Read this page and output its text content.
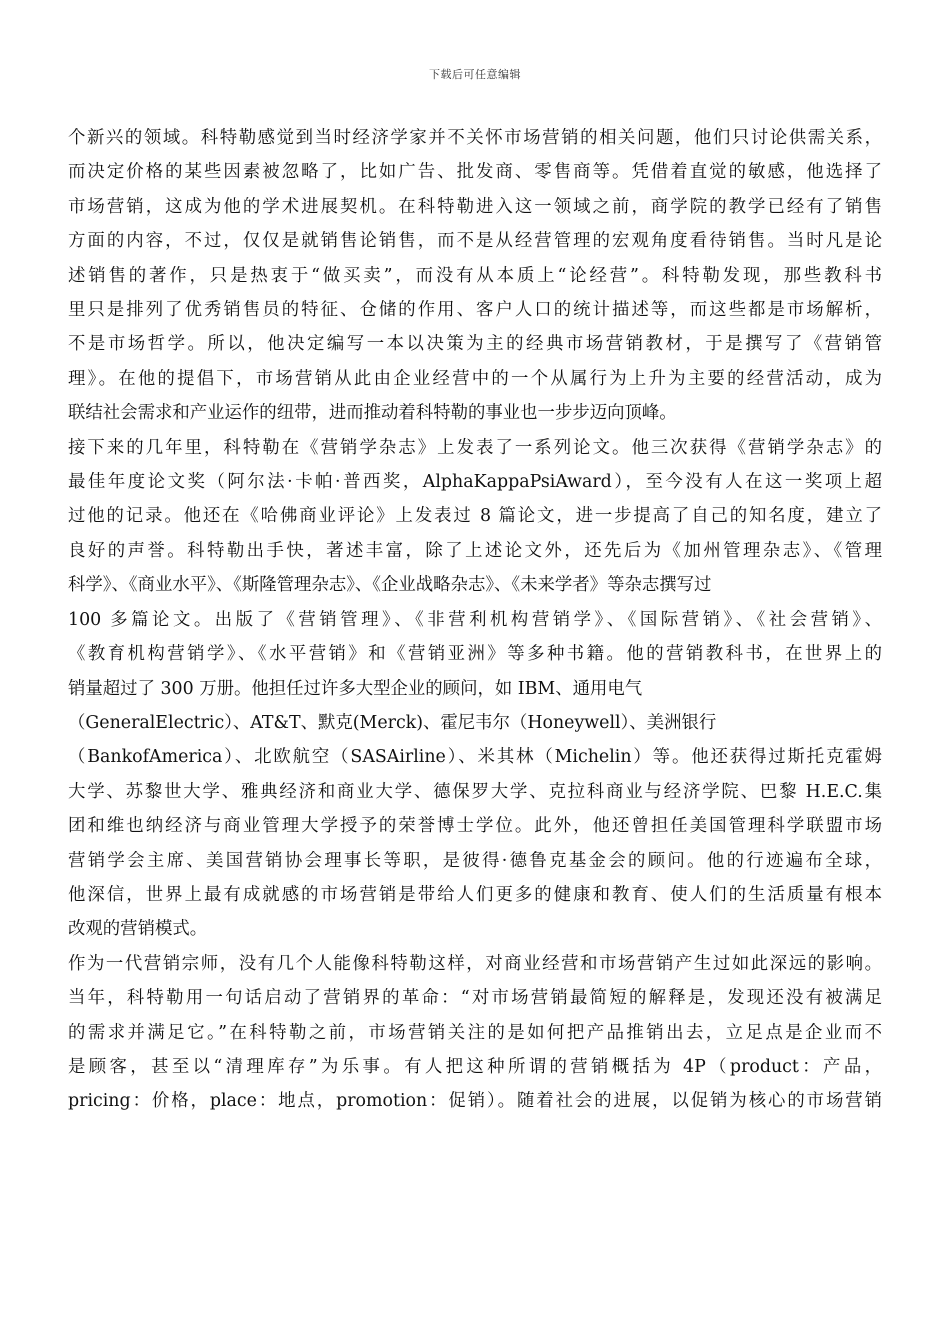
下载后可任意编辑
个新兴的领域。科特勒感觉到当时经济学家并不关怀市场营销的相关问题，他们只讨论供需关系，
而决定价格的某些因素被忽略了，比如广告、批发商、零售商等。凭借着直觉的敏感，他选择了
市场营销，这成为他的学术进展契机。在科特勒进入这一领域之前，商学院的教学已经有了销售
方面的内容，不过，仅仅是就销售论销售，而不是从经营管理的宏观角度看待销售。当时凡是论
述销售的著作，只是热衷于“做买卖”，而没有从本质上“论经营”。科特勒发现，那些教科书
里只是排列了优秀销售员的特征、仓储的作用、客户人口的统计描述等，而这些都是市场解析，
不是市场哲学。所以，他决定编写一本以决策为主的经典市场营销教材，于是撰写了《营销管
理》。在他的提倡下，市场营销从此由企业经营中的一个从属行为上升为主要的经营活动，成为
联结社会需求和产业运作的纽带，进而推动着科特勒的事业也一步步迈向顶峰。
接下来的几年里，科特勒在《营销学杂志》上发表了一系列论文。他三次获得《营销学杂志》的
最佳年度论文奖（阿尔法·卡帕·普西奖，AlphaKappaPsiAward），至今没有人在这一奖项上超
过他的记录。他还在《哈佛商业评论》上发表过 8 篇论文，进一步提高了自己的知名度，建立了
良好的声誉。科特勒出手快，著述丰富，除了上述论文外，还先后为《加州管理杂志》、《管理
科学》、《商业水平》、《斯隆管理杂志》、《企业战略杂志》、《未来学者》等杂志撰写过
100 多篇论文。出版了《营销管理》、《非营利机构营销学》、《国际营销》、《社会营销》、
《教育机构营销学》、《水平营销》和《营销亚洲》等多种书籍。他的营销教科书，在世界上的
销量超过了 300 万册。他担任过许多大型企业的顾问，如 IBM、通用电气
（GeneralElectric）、AT&T、默克(Merck)、霍尼韦尔（Honeywell）、美洲银行
（BankofAmerica）、北欧航空（SASAirline）、米其林（Michelin）等。他还获得过斯托克霍姆
大学、苏黎世大学、雅典经济和商业大学、德保罗大学、克拉科商业与经济学院、巴黎 H.E.C.集
团和维也纳经济与商业管理大学授予的荣誉博士学位。此外，他还曾担任美国管理科学联盟市场
营销学会主席、美国营销协会理事长等职，是彼得·德鲁克基金会的顾问。他的行迹遍布全球，
他深信，世界上最有成就感的市场营销是带给人们更多的健康和教育、使人们的生活质量有根本
改观的营销模式。
作为一代营销宗师，没有几个人能像科特勒这样，对商业经营和市场营销产生过如此深远的影响。
当年，科特勒用一句话启动了营销界的革命：“对市场营销最简短的解释是，发现还没有被满足
的需求并满足它。”在科特勒之前，市场营销关注的是如何把产品推销出去，立足点是企业而不
是顾客，甚至以“清理库存”为乐事。有人把这种所谓的营销概括为 4P（product：产品，
pricing：价格，place：地点，promotion：促销）。随着社会的进展，以促销为核心的市场营销
